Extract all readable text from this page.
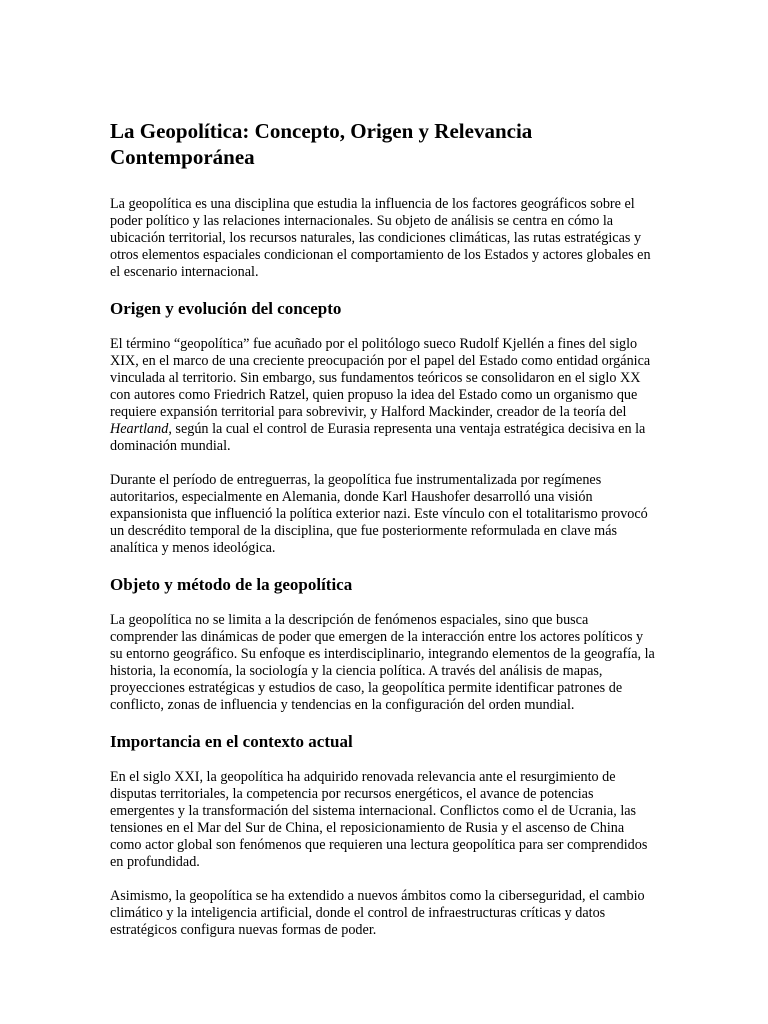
La Geopolítica: Concepto, Origen y Relevancia Contemporánea

La geopolítica es una disciplina que estudia la influencia de los factores geográficos sobre el poder político y las relaciones internacionales. Su objeto de análisis se centra en cómo la ubicación territorial, los recursos naturales, las condiciones climáticas, las rutas estratégicas y otros elementos espaciales condicionan el comportamiento de los Estados y actores globales en el escenario internacional.

Origen y evolución del concepto

El término “geopolítica” fue acuñado por el politólogo sueco Rudolf Kjellén a fines del siglo XIX, en el marco de una creciente preocupación por el papel del Estado como entidad orgánica vinculada al territorio. Sin embargo, sus fundamentos teóricos se consolidaron en el siglo XX con autores como Friedrich Ratzel, quien propuso la idea del Estado como un organismo que requiere expansión territorial para sobrevivir, y Halford Mackinder, creador de la teoría del Heartland, según la cual el control de Eurasia representa una ventaja estratégica decisiva en la dominación mundial.

Durante el período de entreguerras, la geopolítica fue instrumentalizada por regímenes autoritarios, especialmente en Alemania, donde Karl Haushofer desarrolló una visión expansionista que influenció la política exterior nazi. Este vínculo con el totalitarismo provocó un descrédito temporal de la disciplina, que fue posteriormente reformulada en clave más analítica y menos ideológica.

Objeto y método de la geopolítica

La geopolítica no se limita a la descripción de fenómenos espaciales, sino que busca comprender las dinámicas de poder que emergen de la interacción entre los actores políticos y su entorno geográfico. Su enfoque es interdisciplinario, integrando elementos de la geografía, la historia, la economía, la sociología y la ciencia política. A través del análisis de mapas, proyecciones estratégicas y estudios de caso, la geopolítica permite identificar patrones de conflicto, zonas de influencia y tendencias en la configuración del orden mundial.

Importancia en el contexto actual

En el siglo XXI, la geopolítica ha adquirido renovada relevancia ante el resurgimiento de disputas territoriales, la competencia por recursos energéticos, el avance de potencias emergentes y la transformación del sistema internacional. Conflictos como el de Ucrania, las tensiones en el Mar del Sur de China, el reposicionamiento de Rusia y el ascenso de China como actor global son fenómenos que requieren una lectura geopolítica para ser comprendidos en profundidad.

Asimismo, la geopolítica se ha extendido a nuevos ámbitos como la ciberseguridad, el cambio climático y la inteligencia artificial, donde el control de infraestructuras críticas y datos estratégicos configura nuevas formas de poder.
